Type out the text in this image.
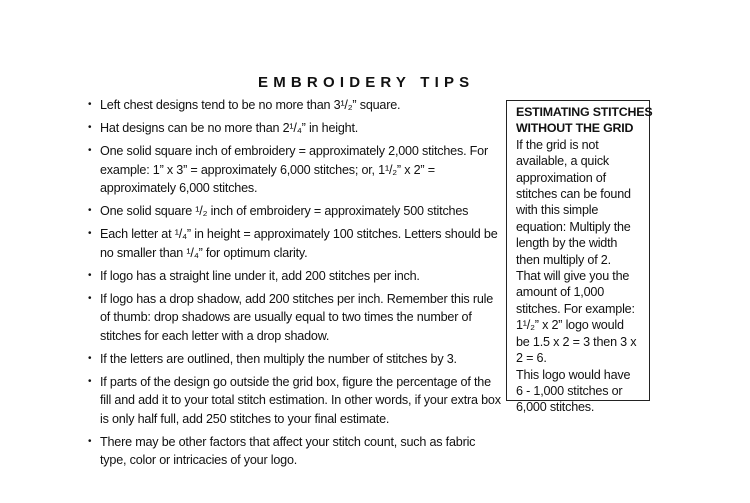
EMBROIDERY TIPS
• Left chest designs tend to be no more than 3¹/₂” square.
• Hat designs can be no more than 2¹/₄” in height.
• One solid square inch of embroidery = approximately 2,000 stitches. For example: 1” x 3” = approximately 6,000 stitches; or, 1¹/₂” x 2” = approximately 6,000 stitches.
• One solid square ¹/₂ inch of embroidery = approximately 500 stitches
• Each letter at ¹/₄” in height = approximately 100 stitches. Letters should be no smaller than ¹/₄” for optimum clarity.
• If logo has a straight line under it, add 200 stitches per inch.
• If logo has a drop shadow, add 200 stitches per inch. Remember this rule of thumb: drop shadows are usually equal to two times the number of stitches for each letter with a drop shadow.
• If the letters are outlined, then multiply the number of stitches by 3.
• If parts of the design go outside the grid box, figure the percentage of the fill and add it to your total stitch estimation. In other words, if your extra box is only half full, add 250 stitches to your final estimate.
• There may be other factors that affect your stitch count, such as fabric type, color or intricacies of your logo.
ESTIMATING STITCHES
WITHOUT THE GRID
If the grid is not
available, a quick
approximation of
stitches can be found
with this simple
equation: Multiply the
length by the width
then multiply of 2.
That will give you the
amount of 1,000
stitches. For example:
1¹/₂” x 2” logo would
be 1.5 x 2 = 3 then 3 x
2 = 6.
This logo would have
6 - 1,000 stitches or
6,000 stitches.
